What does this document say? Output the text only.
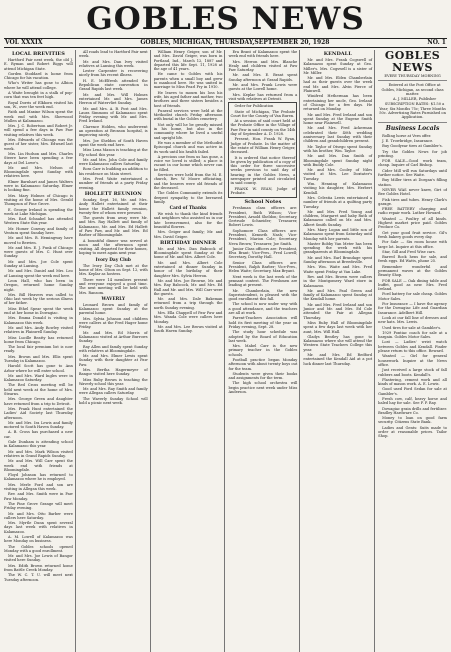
GOBLES NEWS
VOL XXXIX	GOBLES, MICHIGAN, THURSDAY,SEPTEMBER 20, 1928	NO. 1
LOCAL BREVITIES

Hartford Fair next week, the old J. E. Ryman and Robert Riggs will attend Michigan State.

Gorden Stoddard is home from Chicago for his vacation.

Who's Writer has gone to Albion where he will attend college.

A Waite brought in a stalk of pop-corn that was ten feet high.

Royal Dorris of Elkhorn visited his son, W., over the week end.

Faith and Maxine Wilson spent the week end with Mrs. Sherwood Mullen at Kalamazoo.

Mrs. J. C. Robertson and Robert Jr. will spend a few days in Paw Paw visiting relatives this week.

Mrs. Edwards of Chicago was the guest of her sister, Mrs. Edward last week.

Mrs. Lin Hudson and Mrs. Charles Steere have been spending a few days at Del Lowe's.

Mr. and Mrs. Nelson of Bloomingdale spent Sunday with relatives here.

Elmer Barnhart and James Walters were in Kalamazoo Saturday. Elmer is looking fine.

Mrs. Mary Holmes of Chicago is visiting at the home of Mrs. Gerald Thompson of Pine Grove.

E. George Ireland is spending the week at Lake Michigan.

Mrs. Earl Schnabel has attended Western State this year.

Mr. Homer Conway and family of Ventura spent Sunday here.

Mr. and Mrs. B. Hemingway have moved to Berrien.

Mr. and Mrs. E. J. Funk of Chicago were guests of Mrs. C. Hunt over Sunday.

Mr. and Mrs. Joe Cole spent Sunday at Lansing.

Mr. and Mrs. Daniel and Mrs. Leo of Lansing spent the week end here.

Leon Hall, who has been in Oregon, returned home Sunday night.

Mrs. Bill Heavers was called to Ohio last week by the serious illness of her father.

Miss Ethel Spear spent the week end at her home in Dowagiac.

Mrs. Emma Donald is visiting in Kalamazoo this week.

Mr. and Mrs. Andy Rowley visited relatives in Plainwell Sunday.

Miss Lucille Beatty has returned home from Chicago.

The local fair premium list is now ready.

Mrs. Brown and Mrs. Ellis spent Tuesday in Kalamazoo.

Harold Scott has gone to Ann Arbor where he will enter school.

Mr. and Mrs. Ward Ingles were in Kalamazoo Saturday.

The Red Cross meeting will be held next week at the home of Mrs. Stearns.

Mrs. George Green and daughter have returned from a trip to Detroit.

Mrs. Frank Hunt entertained the Ladies' Aid Society last Thursday afternoon.

Mr. and Mrs. Ira Lewis and family motored to South Haven Sunday.

A. B. Cross has purchased a new car.

Gale Dunham is attending school in Kalamazoo this year.

Mr. and Mrs. Mark Wilson visited relatives in Grand Rapids Sunday.

Mr. and Mrs. Will Carr spent the week end with friends at Bloomingdale.

Floyd Johnson has returned to Kalamazoo where he is employed.

Mrs. Merle Ford and son are visiting in Allegan this week.

Rev. and Mrs. Smith were in Paw Paw Monday.

The Pine Grove Grange will meet Friday evening.

Mr. and Mrs. Otto Barber were callers here Saturday.

Mrs. Myrtle Dunn spent several days last week with relatives in Kalamazoo.

A. M. Lowell of Kalamazoo was here Monday on business.

The Gobles schools opened Monday with a good enrollment.

Mr. and Mrs. Joe Lewis of Bangor visited here Sunday.

Mrs. Edith Brown returned home from Battle Creek Monday.

The W. C. T. U. will meet next Tuesday afternoon.

All roads lead to Hartford Fair next week.

Mr. and Mrs. Dan Ivey visited relatives at Lansing this week.

Lester Carpenter is recovering nicely from his recent illness.

H. E. McElfresh attended the Republican state convention in Grand Rapids last week.

Mr. and Mrs. Will Holmes entertained Mr. and Mrs. James Herron of Watervliet Sunday.

Mr. and Mrs. A. B. Post and Mrs. Laura Simmons of Kalamazoo spent Friday evening with Mr. and Mrs. Fred Ireland.

Clarence Holden, who underwent an operation at Bronson hospital, is improving nicely.

Mrs. Joe Sheldon of South Haven spent the week end here.

Miss Lena Mason is teaching at the Ely school this year.

Mr. and Mrs. John Cole and family were Kalamazoo callers Saturday.

Ross Carr is building an addition to his residence on Main street.

Mrs. Fred Waite entertained a number of friends at a party Friday evening.

HOLLETT REUNION

Sunday, Sept. 16, Mr. and Mrs. Andy Hallett entertained at their home the Hallett family reunion, twenty-five of whom were present.

The guests from away were Mr. and Mrs. Ray Hallett and family of Kalamazoo, Mr. and Mrs. Ed Hallett of Paw Paw, and Mr. and Mrs. Ed Barber of Bloomingdale.

A bountiful dinner was served at noon and the afternoon spent visiting. All departed for their homes, hoping to meet again next year.

Ivory Day Club

The Ivory Day Club met at the home of Mrs. Olson on Sept. 12, with Mrs. Keplar as hostess.

There were 14 members present and everyone enjoyed a good time. The next meeting will be held with Mrs. Ransom.

WAVERLY

Leonard Brown and family of Kalamazoo spent Sunday at the parental home.

Mrs. Sylvia Johnson and children were callers at the Fred Hager home Friday.

Mr. and Mrs. Ed Morris of Kalamazoo visited at Arthur Burrows Sunday.

Ray Allen and family spent Sunday with relatives at Bloomingdale.

Mr. and Mrs. Elmer Lewis spent Sunday with their daughter at Paw Paw.

Mrs. Bertha Hagermeyer of Bangor visited here Sunday.

Miss Ruby Brown is teaching the Waverly school this year.

Mr. and Mrs. Ray Smith and family were Allegan callers Saturday.

The Waverly Sunday School will hold a picnic next week.

William Henry Geiger, son of Mr. and Mrs. David Geiger, was born in Portland, Ind., March 12, 1887 and departed this life Sept. 11, 1928 at the age of 41 years.

He came to Gobles with his parents when a small boy and grew to manhood here. He was united in marriage to Miss Pearl Fry in 1910.

He leaves to mourn his loss his wife, his aged father and mother, two brothers and three sisters besides a host of friends.

Funeral services were held at the Methodist church Friday afternoon with burial in the Gobles cemetery.

Not only will he be greatly missed in his home, but also in the community where he lived a useful and upright life.

He was a member of the Methodist Episcopal church and was active in its work until his health failed.

A precious one from us has gone, a voice we loved is stilled; a place is vacant in our home which never can be filled.

Services were held from the M. E. church, Rev. W. Moore officiating, and the bearers were old friends of the deceased.

The Gobles Community extends its deepest sympathy to the bereaved family.

Card of Thanks

We wish to thank the kind friends and neighbors who assisted us in our late bereavement, also for the beautiful flowers.

Mrs. Geiger and family; Mr. and Mrs. David Geiger.

BIRTHDAY DINNER

Mr. and Mrs. Dan Babcock of Bloomingdale spent Sunday at the home of Mr. and Mrs. Albert Cole.

Mr. and Mrs. Albert Cole entertained at dinner Sunday in honor of the birthday of their daughter Mrs. Sylvia Herron.

Mr. and Mrs. Joe Browne, Mr. and Mrs. Ray Babcock, Mr. and Mrs. Ed Hall and Mr. and Mrs. Will Carr were the guests.

Mr. and Mrs. Dale Bakeman returned from a trip through the north Sunday evening.

Mrs. Ella Chappell of Paw Paw and Mrs. Wanda Cole were callers here Monday.

Mr. and Mrs. Lee Brown visited at South Haven Sunday.

Era Brant of Kalamazoo spent the week end with friends here.

Mrs. Herron and Mrs. Blanche Healy and children visited at Paw Paw Saturday.

Mr. and Mrs. E. Brant spent Sunday afternoon at Grand Rapids.

Mr. and Mrs. Frank Lewis were guests at the Lowell home.

Mrs. Keplar has returned from a visit with relatives at Detroit.

Order for Publication

State of Michigan, The Probate Court for the County of Van Buren.

At a session of said court held at the Probate Office in the Village of Paw Paw in said county on the 14th day of September A. D. 1928.

Present, Hon. Frank W. Ryan, Judge of Probate. In the matter of the estate of William Henry Geiger, deceased.

It is ordered that notice thereof be given by publication of a copy of this order for three successive weeks previous to said day of hearing in the Gobles News, a newspaper printed and circulated in said county.

FRANK W. RYAN, Judge of Probate.

School Notes

Freshman class officers are: President, Ruth Wilson; Vice-President, Arnold Sheldon; Secretary, Gertrude Schneider; Treasurer, Robert Lewis.

Sophomore Class officers are: President, Kenneth Nash; Vice-President, Marion Cole; Secretary, Neva Brown; Treasurer, Joe Smith.

Junior Class officers are: President, Elva Brant; Vice-Pres., Fred Lowell; Secretary, Dorothy Hall.

Senior Class officers are: President, Ralph Barber; Vice-Pres., Helen Waite; Secretary, Max Bryant.

Next week is the last week of the pennant contest. The Freshmen are leading at present.

Mr. Chamberlain, the new Superintendent, is pleased with the good enrollment this fall.

The school is now under way with a good attendance, and the teachers are all at work.

Parent-Teachers Association will hold its first meeting of the year on Friday evening, Sept. 28.

The study hour schedule was adopted by the Board of Education last week.

Mrs. Mabel Carr is the new primary teacher in the Gobles schools.

Football practice began Monday afternoon with about twenty boys out for the team.

Students were given their books and assignments for the term.

The high school orchestra will begin practice next week under Miss Anderson.

KENDALL

Mr. and Mrs. Frank Cogswell of Kalamazoo spent Sunday at Geo. Miller's. Mrs. Cogswell is a sister of Mr. Miller.

Mr. and Mrs. Elden Chamberlain had as their guests over the week end Mr. and Mrs. Alvin Pierce of Plainwell.

Winifred Hetherman has been entertaining her uncle, Geo. Ireland of Chicago for a few days. He returned on Monday.

Mr. and Mrs. Fred Ireland and son spent Sunday at the Eugene Smith home near Plainwell.

Mr. and Mrs. Fred Ackerman celebrated their 40th wedding anniversary last Sunday with their children and grandchildren present.

Mr. Taylor of Otsego spent Sunday with his brother, Wm. Taylor.

Mr. and Mrs. Dan Smith of Bloomingdale spent Sunday night with Buddy Cole.

Mr. and Mrs. Cooley of Niles visited at Mrs. Lee Doxtater's Tuesday.

Wm. Henning of Kalamazoo visiting his daughter, Mrs. Herbert Kendall.

Mrs. Celestia Lewis entertained a number of friends at a quilting party Tuesday.

Mr. and Mrs. Fred Young and children, Margaret and baby Ruth of Kalamazoo called on Mr. and Mrs. Albert Smith Sunday.

Mrs. Mary Logan and little son of Kalamazoo spent from Saturday until Monday with her parents.

Master Bobby Van Meter has been spending the week with his grandparents at Bloomingdale.

Mr. and Mrs. Earl Brundage spent Sunday afternoon at Breedsville.

Mrs. Wm. Waite and Mrs. Fred Waite spent Friday at Van Lake.

Rev. and Mrs. Brown were callers in the Montgomery Ward store in Kalamazoo.

Mr. and Mrs. Paul Green and family of Kalamazoo spent Sunday at the Kendall home.

Mr. and Mrs. Fred Ireland and son Junior and Mr. and Mrs. Ed Cole attended the Fair at Allegan Thursday.

Miss Ruby Hall of Bloomingdale spent a few days last week with her aunt, Mrs. Will Hall.

Gladys Bentley has gone to Kalamazoo where she will attend the Western State Teachers College this year.

Mr. and Mrs. Ed Redford entertained the Kendall Aid at a pot luck dinner last Thursday.

GOBLES NEWS
EVERY THURSDAY MORNING

Entered at the Post Office at Gobles, Michigan, as second class matter.

A. J. MILLER, Publisher

SUBSCRIPTION RATES: $1.50 a Year; Six Months 75c; Three Months 50c. Advertising Rates Furnished on Application.

Business Locals

Rolling horse at Vern offer.

J. E. Trowbridge, Insurance.

Buy Goodyear tires at Gambler's.

Try the Gobles News for job printing.

FOR SALE—Good work team, cheap. Inquire of Carl Bishop.

Cider Mill will run Saturdays until further notice. See Waite.

Buy Miller tires at Dorgan's filling station.

NEVER WAS never knew, Girt of Bee Gobles Hotel.

Fisk tires and tubes. Henry Clark's garage.

FREE BATTERY charging and radio repair work. Luther Howard.

Wanted — Poultry of all kinds. Highest market price paid. Gobles Produce Co.

Get your good fruit service. Gil's fresh bakery goods every day.

For Sale — Six room house with large lot. Inquire at this office.

Star, Gill and Fred Wise cars.

Barred Rock hens for sale, and fresh eggs. Ed Watts, phone 25.

Remember wonderful and permanent waves at the Gobles Beauty Shop.

FOR SALE — Oak dining table and buffet, good as new. Mrs. Fred Ireland.

Ford battery for sale cheap. Gobles Motor Sales.

For Insurance — I have the agency for the Dowagiac Life and Guardian Insurance. Adelbert Hill.

Look at our fall line of dresses and new hats. Mrs. Lewis.

Used tires for sale at Gambler's.

1929 Pontiac coach for sale at a bargain. Gobles Motor Sales.

Lost — Ladies' wrist watch between Gobles and Kendall. Finder please return to this office. Reward.

Wanted — Girl for general housework. Inquire at the News office.

Just received a large stock of fall rubbers and boots. Kendall's.

Plastering, cement work and all kinds of mason work. A. E. Lewis.

Good used Ford Sedan for sale at Gambler's.

Fresh cow, calf, heavy horse and baled hay for sale. See F. P. Ray.

Dowagiac grain drills and fertilizer. Bradley Hardware Co.

Money to loan on good farm security. Citizens State Bank.

Ladies and Gents: Suits made to order at reasonable prices. Tailor Shop.
